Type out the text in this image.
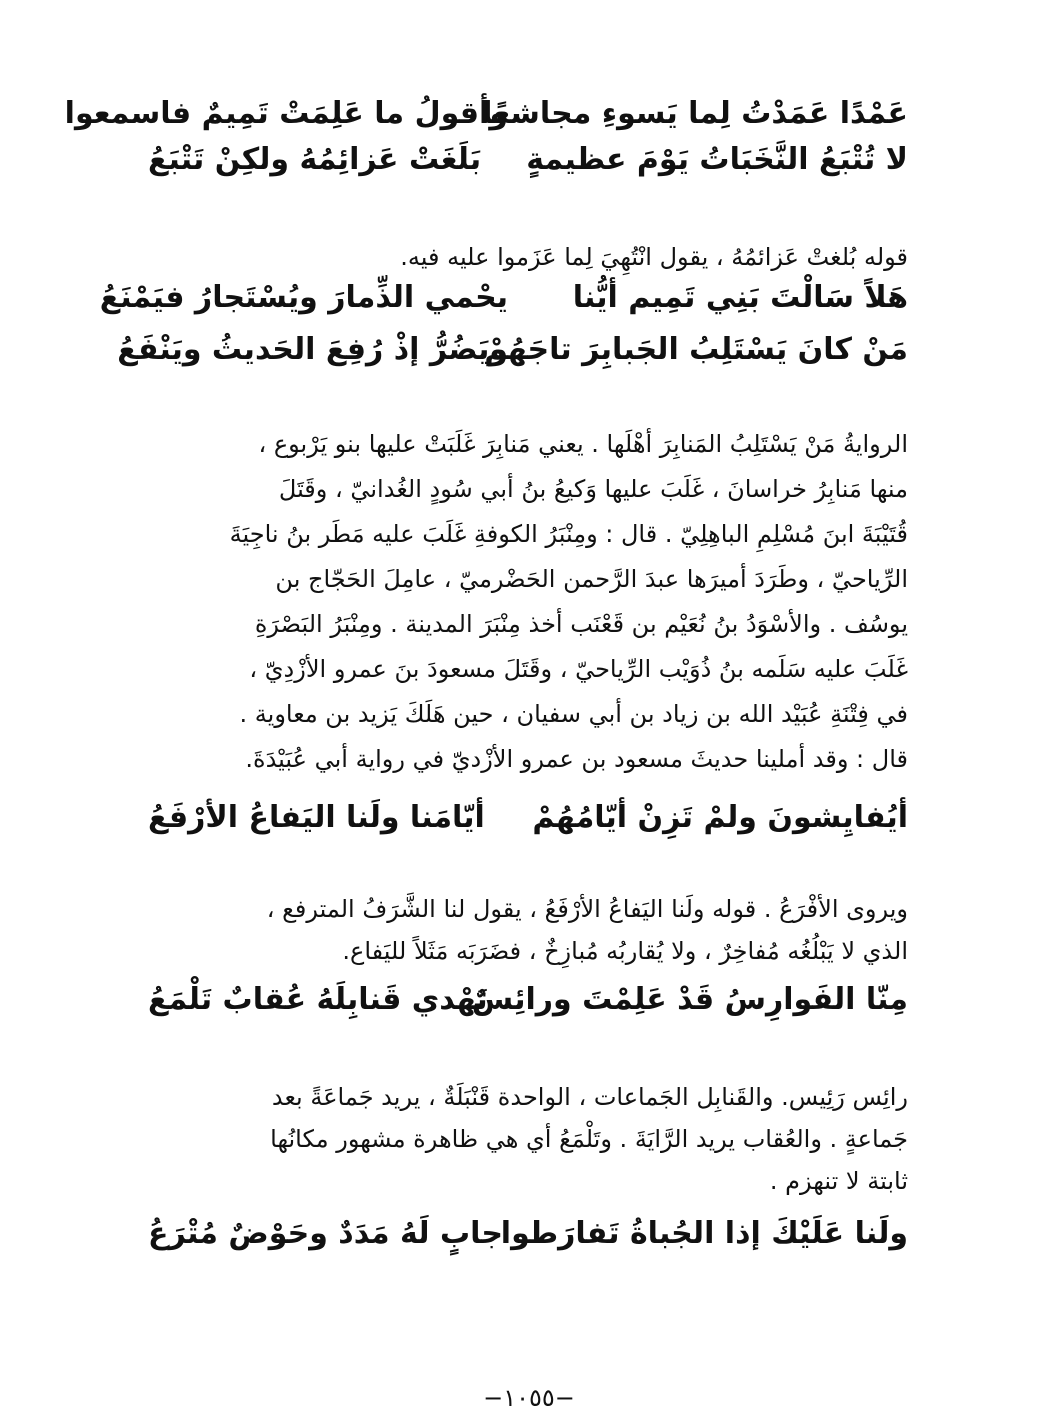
عَمْدًا عَمَدْتُ لِما يَسوءِ مجاشعًا
وأقولُ ما عَلِمَتْ تَمِيمٌ فاسمعوا
لا تُتْبَعُ النَّخَبَاتُ يَوْمَ عظيمةٍ
بَلَغَتْ عَزائِمُهُ ولكِنْ تَتْبَعُ
قوله بُلغتْ عَزائمُهُ ، يقول انْتُهِيَ لِما عَزَموا عليه فيه.
هَلاً سَالْتَ بَنِي تَمِيم أيُّنا
يحْمي الذِّمارَ ويُسْتَجارُ فيَمْنَعُ
مَنْ كانَ يَسْتَلِبُ الجَبابِرَ تاجَهُمْ
ويَضُرُّ إذْ رُفِعَ الحَديثُ ويَنْفَعُ
الروايةُ مَنْ يَسْتَلِبُ المَنابِرَ أهْلَها . يعني مَنابِرَ غَلَبَتْ عليها بنو يَرْبوع ،
منها مَنابِرُ خراسانَ ، غَلَبَ عليها وَكيعُ بنُ أبي سُودٍ الغُدانيّ ، وقَتَلَ
قُتَيْبَةَ ابنَ مُسْلِمِ الباهِلِيّ . قال : ومِنْبَرُ الكوفةِ غَلَبَ عليه مَطَر بنُ ناجِيَةَ
الرِّياحيّ ، وطَرَدَ أميرَها عبدَ الرَّحمن الحَضْرميّ ، عامِلَ الحَجّاج بن
يوسُف . والأسْوَدُ بنُ نُعَيْم بن قَعْنَب أخذ مِنْبَرَ المدينة . ومِنْبَرُ البَصْرَةِ
غَلَبَ عليه سَلَمه بنُ ذُوَيْب الرِّياحيّ ، وقَتَلَ مسعودَ بنَ عمرو الأزْدِيّ ،
في فِتْنَةِ عُبَيْد الله بن زياد بن أبي سفيان ، حين هَلَكَ يَزيد بن معاوية .
قال : وقد أملينا حديثَ مسعود بن عمرو الأزْديّ في رواية أبي عُبَيْدَةَ.
أيُفايِشونَ ولمْ تَزِنْ أيّامُهُمْ
أيّامَنا ولَنا اليَفاعُ الأرْفَعُ
ويروى الأفْرَعُ . قوله ولَنا اليَفاعُ الأرْفَعُ ، يقول لنا الشَّرَفُ المترفع ،
الذي لا يَبْلُغُه مُفاخِرٌ ، ولا يُقاربُه مُبازِخٌ ، فضَرَبَه مَثَلاً لليَفاع.
مِنّا الفَوارِسُ قَدْ عَلِمْتَ ورائِسٌ
تَهْدي قَنابِلَهُ عُقابٌ تَلْمَعُ
رائِس رَئِيس. والقَنابِل الجَماعات ، الواحدة قَنْبَلَةٌ ، يريد جَماعَةً بعد
جَماعةٍ . والعُقاب يريد الرَّايَةَ . وتَلْمَعُ أي هي ظاهرة مشهور مكانُها
ثابتة لا تنهزم .
ولَنا عَلَيْكَ إذا الجُباةُ تَفارَطوا
جابٍ لَهُ مَدَدٌ وحَوْضٌ مُتْرَعُ
−١٠٥٥−
